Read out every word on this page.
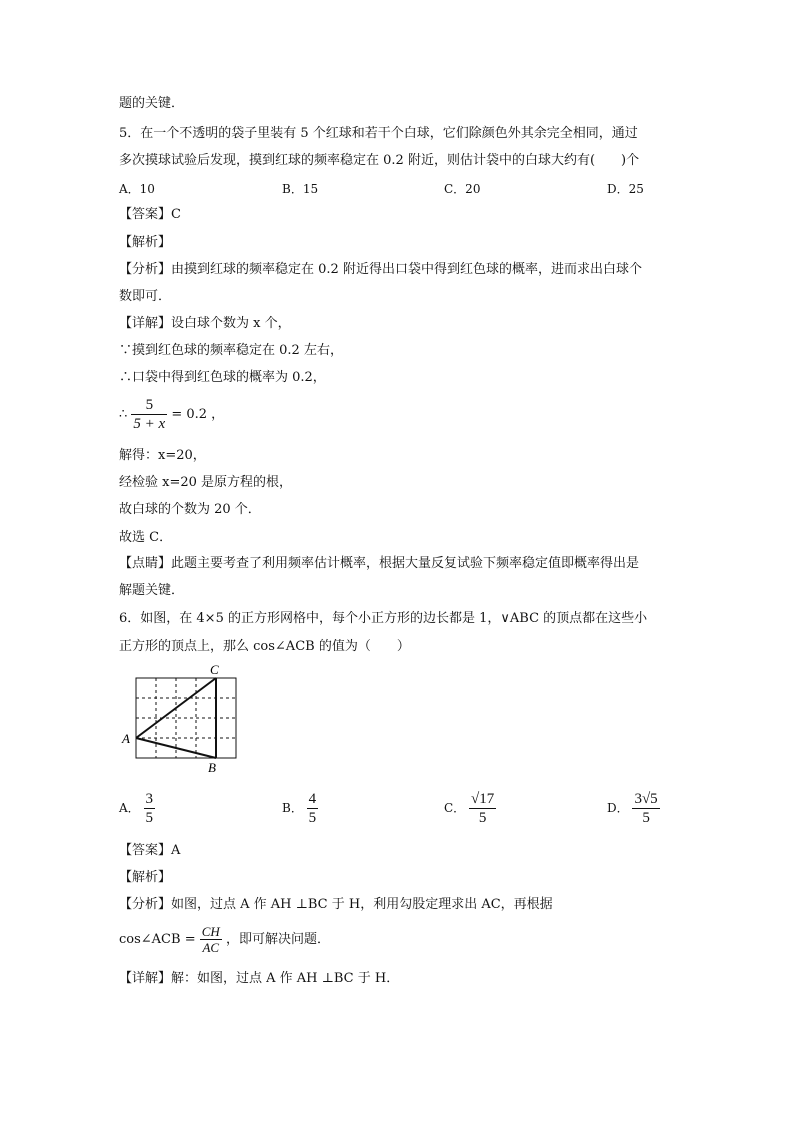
题的关键．
5．在一个不透明的袋子里装有 5 个红球和若干个白球，它们除颜色外其余完全相同，通过
多次摸球试验后发现，摸到红球的频率稳定在 0.2 附近，则估计袋中的白球大约有(　　)个
A．10	B．15	C．20	D．25
【答案】C
【解析】
【分析】由摸到红球的频率稳定在 0.2 附近得出口袋中得到红色球的概率，进而求出白球个
数即可．
【详解】设白球个数为 x 个，
∵摸到红色球的频率稳定在 0.2 左右，
∴口袋中得到红色球的概率为 0.2，
∴ $\frac{5}{5 + x} = 0.2$ ，
解得：x=20，
经检验 x=20 是原方程的根，
故白球的个数为 20 个．
故选 C．
【点睛】此题主要考查了利用频率估计概率，根据大量反复试验下频率稳定值即概率得出是
解题关键．
6．如图，在 4×5 的正方形网格中，每个小正方形的边长都是 1，∨ABC 的顶点都在这些小
正方形的顶点上，那么 cos∠ACB 的值为（　　）
A
B
C
A． $\frac{3}{5}$	B． $\frac{4}{5}$	C． $\frac{√17}{5}$	D． $\frac{3√5}{5}$
【答案】A
【解析】
【分析】如图，过点 A 作 AH ⊥BC 于 H，利用勾股定理求出 AC，再根据
cos∠ACB = $\frac{CH}{AC}$ ，即可解决问题．
【详解】解：如图，过点 A 作 AH ⊥BC 于 H．
